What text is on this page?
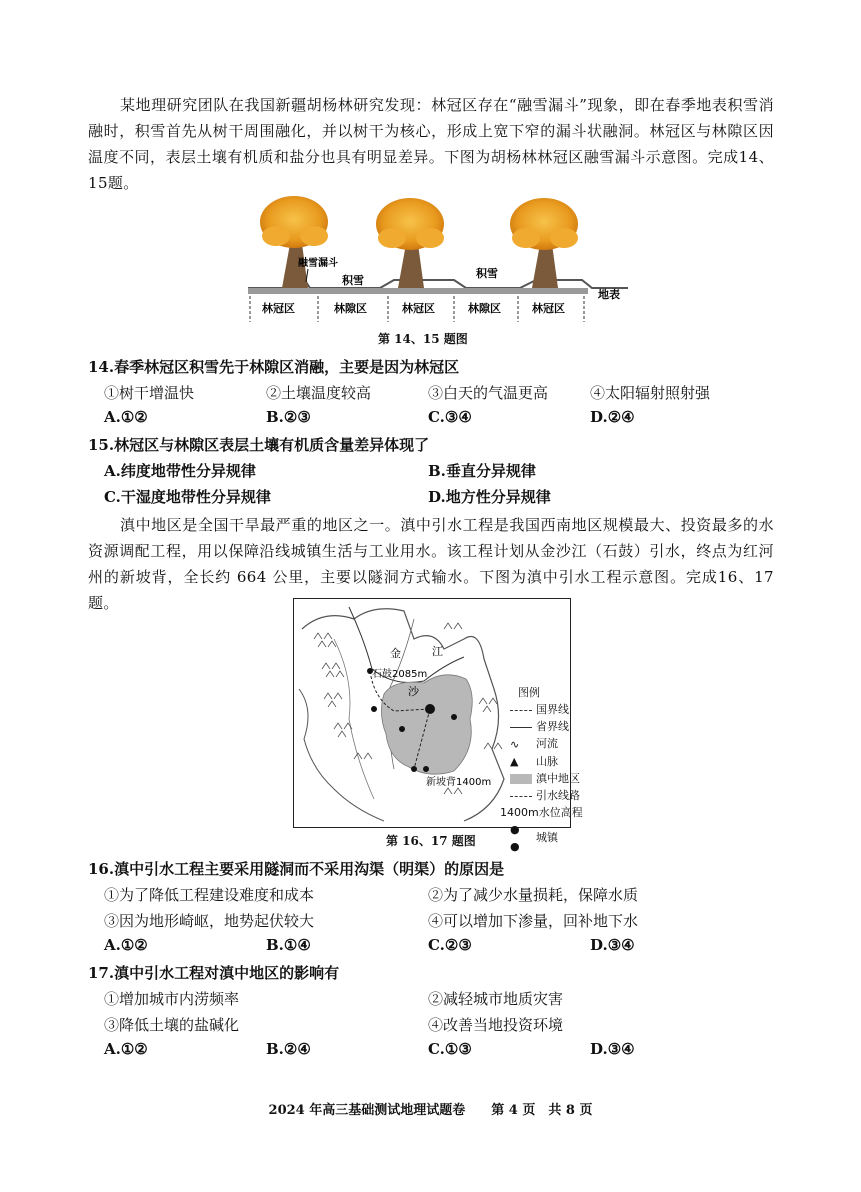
某地理研究团队在我国新疆胡杨林研究发现：林冠区存在“融雪漏斗”现象，即在春季地表积雪消融时，积雪首先从树干周围融化，并以树干为核心，形成上宽下窄的漏斗状融洞。林冠区与林隙区因温度不同，表层土壤有机质和盐分也具有明显差异。下图为胡杨林林冠区融雪漏斗示意图。完成14、15题。
融雪漏斗
积雪
积雪
地表
林冠区	林隙区	林冠区	林隙区	林冠区
第 14、15 题图
14.春季林冠区积雪先于林隙区消融，主要是因为林冠区
①树干增温快	②土壤温度较高	③白天的气温更高	④太阳辐射照射强
A.①②	B.②③	C.③④	D.②④
15.林冠区与林隙区表层土壤有机质含量差异体现了
A.纬度地带性分异规律	B.垂直分异规律
C.干湿度地带性分异规律	D.地方性分异规律
滇中地区是全国干旱最严重的地区之一。滇中引水工程是我国西南地区规模最大、投资最多的水资源调配工程，用以保障沿线城镇生活与工业用水。该工程计划从金沙江（石鼓）引水，终点为红河州的新坡背，全长约 664 公里，主要以隧洞方式输水。下图为滇中引水工程示意图。完成16、17题。
金	江
沙
石鼓2085m
新坡背1400m
图例
国界线
省界线
∿ 河流
▲ 山脉
滇中地区
引水线路
1400m水位高程
● ●城镇
第 16、17 题图
16.滇中引水工程主要采用隧洞而不采用沟渠（明渠）的原因是
①为了降低工程建设难度和成本	②为了减少水量损耗，保障水质
③因为地形崎岖，地势起伏较大	④可以增加下渗量，回补地下水
A.①②	B.①④	C.②③	D.③④
17.滇中引水工程对滇中地区的影响有
①增加城市内涝频率	②减轻城市地质灾害
③降低土壤的盐碱化	④改善当地投资环境
A.①②	B.②④	C.①③	D.③④
2024 年高三基础测试地理试题卷　　第 4 页　共 8 页
